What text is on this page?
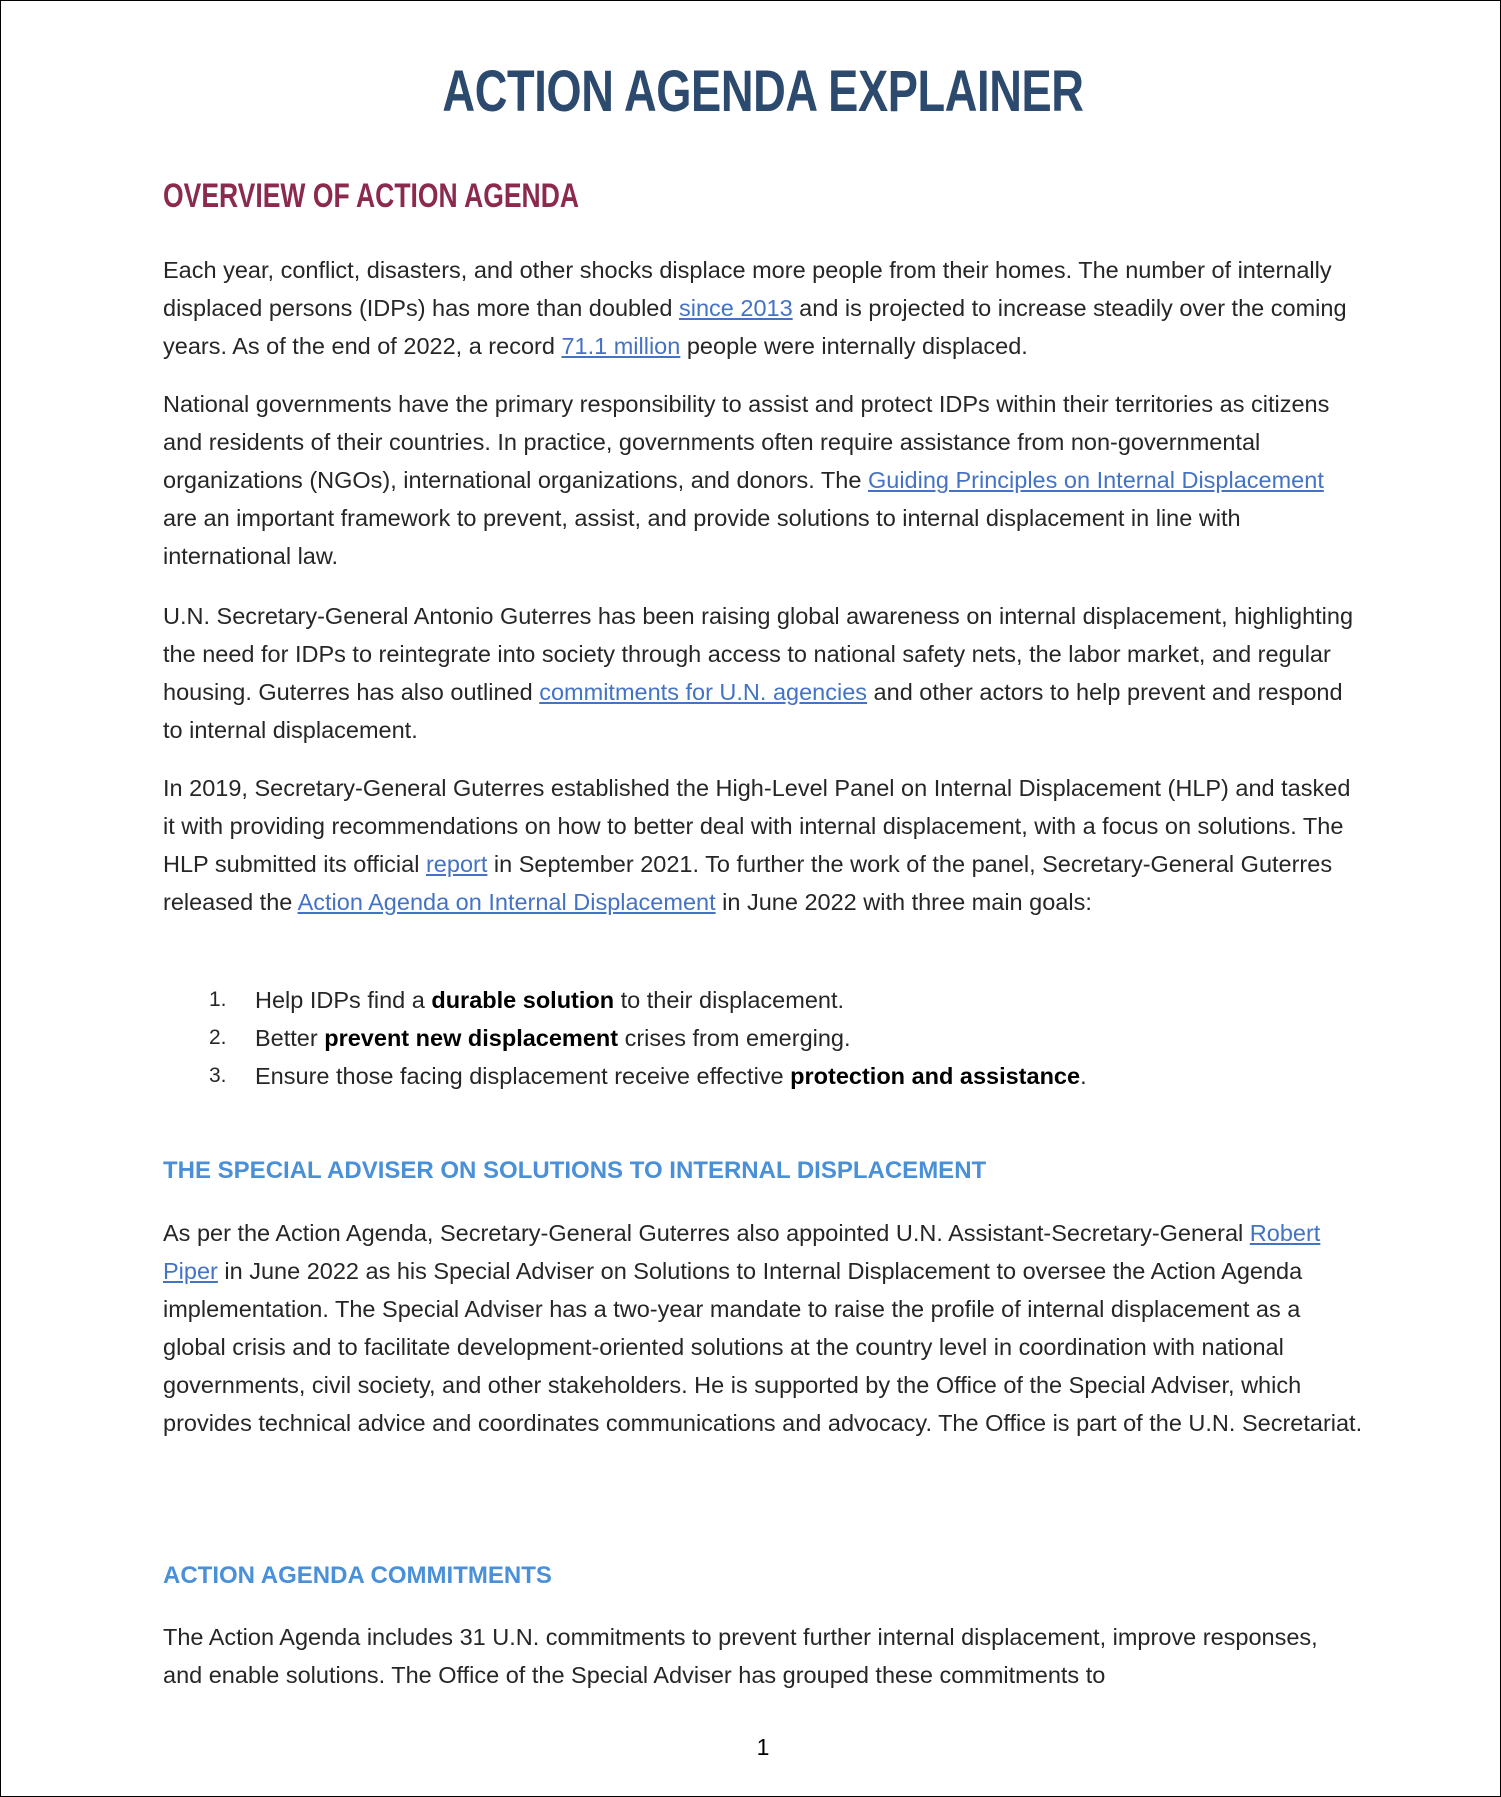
ACTION AGENDA EXPLAINER
OVERVIEW OF ACTION AGENDA

Each year, conflict, disasters, and other shocks displace more people from their homes. The number of internally displaced persons (IDPs) has more than doubled since 2013 and is projected to increase steadily over the coming years. As of the end of 2022, a record 71.1 million people were internally displaced.

National governments have the primary responsibility to assist and protect IDPs within their territories as citizens and residents of their countries. In practice, governments often require assistance from non-governmental organizations (NGOs), international organizations, and donors. The Guiding Principles on Internal Displacement are an important framework to prevent, assist, and provide solutions to internal displacement in line with international law.

U.N. Secretary-General Antonio Guterres has been raising global awareness on internal displacement, highlighting the need for IDPs to reintegrate into society through access to national safety nets, the labor market, and regular housing. Guterres has also outlined commitments for U.N. agencies and other actors to help prevent and respond to internal displacement.

In 2019, Secretary-General Guterres established the High-Level Panel on Internal Displacement (HLP) and tasked it with providing recommendations on how to better deal with internal displacement, with a focus on solutions. The HLP submitted its official report in September 2021. To further the work of the panel, Secretary-General Guterres released the Action Agenda on Internal Displacement in June 2022 with three main goals:

1. Help IDPs find a durable solution to their displacement.
2. Better prevent new displacement crises from emerging.
3. Ensure those facing displacement receive effective protection and assistance.
THE SPECIAL ADVISER ON SOLUTIONS TO INTERNAL DISPLACEMENT

As per the Action Agenda, Secretary-General Guterres also appointed U.N. Assistant-Secretary-General Robert Piper in June 2022 as his Special Adviser on Solutions to Internal Displacement to oversee the Action Agenda implementation. The Special Adviser has a two-year mandate to raise the profile of internal displacement as a global crisis and to facilitate development-oriented solutions at the country level in coordination with national governments, civil society, and other stakeholders. He is supported by the Office of the Special Adviser, which provides technical advice and coordinates communications and advocacy. The Office is part of the U.N. Secretariat.

ACTION AGENDA COMMITMENTS

The Action Agenda includes 31 U.N. commitments to prevent further internal displacement, improve responses, and enable solutions. The Office of the Special Adviser has grouped these commitments to

1
